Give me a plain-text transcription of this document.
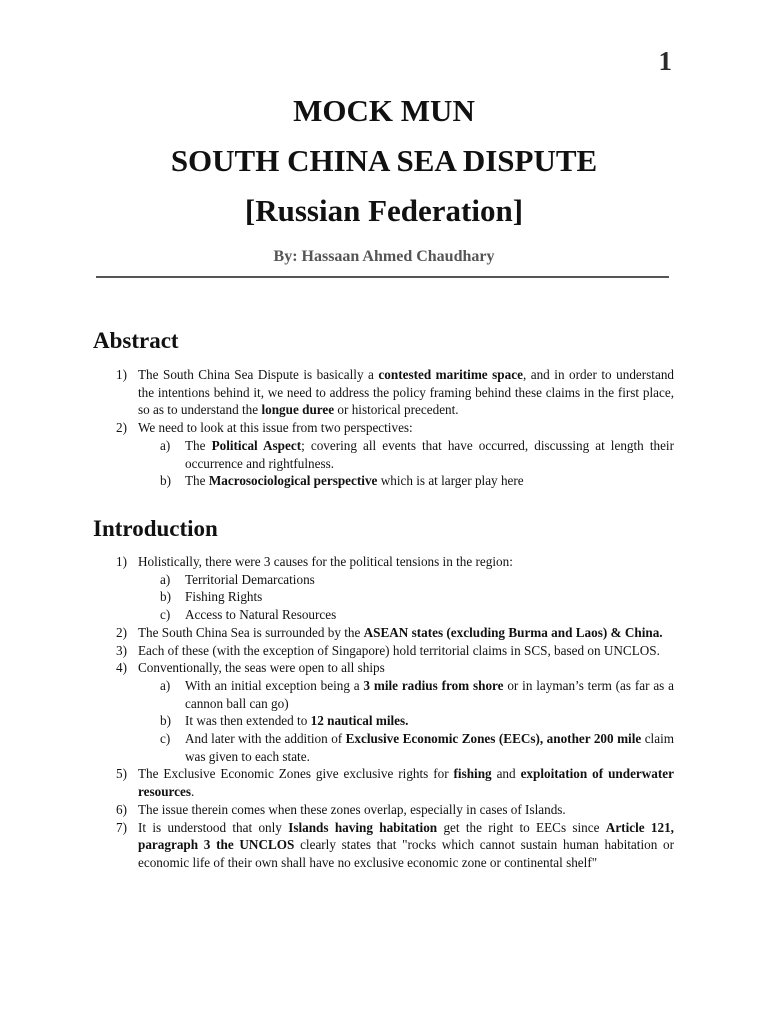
1
MOCK MUN
SOUTH CHINA SEA DISPUTE
[Russian Federation]
By: Hassaan Ahmed Chaudhary
Abstract
1) The South China Sea Dispute is basically a contested maritime space, and in order to understand the intentions behind it, we need to address the policy framing behind these claims in the first place, so as to understand the longue duree or historical precedent.
2) We need to look at this issue from two perspectives:
a)	The Political Aspect; covering all events that have occurred, discussing at length their occurrence and rightfulness.
b)	The Macrosociological perspective which is at larger play here
Introduction
1) Holistically, there were 3 causes for the political tensions in the region:
a)	Territorial Demarcations
b)	Fishing Rights
c)	Access to Natural Resources
2) The South China Sea is surrounded by the ASEAN states (excluding Burma and Laos) & China.
3) Each of these (with the exception of Singapore) hold territorial claims in SCS, based on UNCLOS.
4) Conventionally, the seas were open to all ships
a)	With an initial exception being a 3 mile radius from shore or in layman’s term (as far as a cannon ball can go)
b)	It was then extended to 12 nautical miles.
c)	And later with the addition of Exclusive Economic Zones (EECs), another 200 mile claim was given to each state.
5) The Exclusive Economic Zones give exclusive rights for fishing and exploitation of underwater resources.
6) The issue therein comes when these zones overlap, especially in cases of Islands.
7) It is understood that only Islands having habitation get the right to EECs since Article 121, paragraph 3 the UNCLOS clearly states that "rocks which cannot sustain human habitation or economic life of their own shall have no exclusive economic zone or continental shelf"
